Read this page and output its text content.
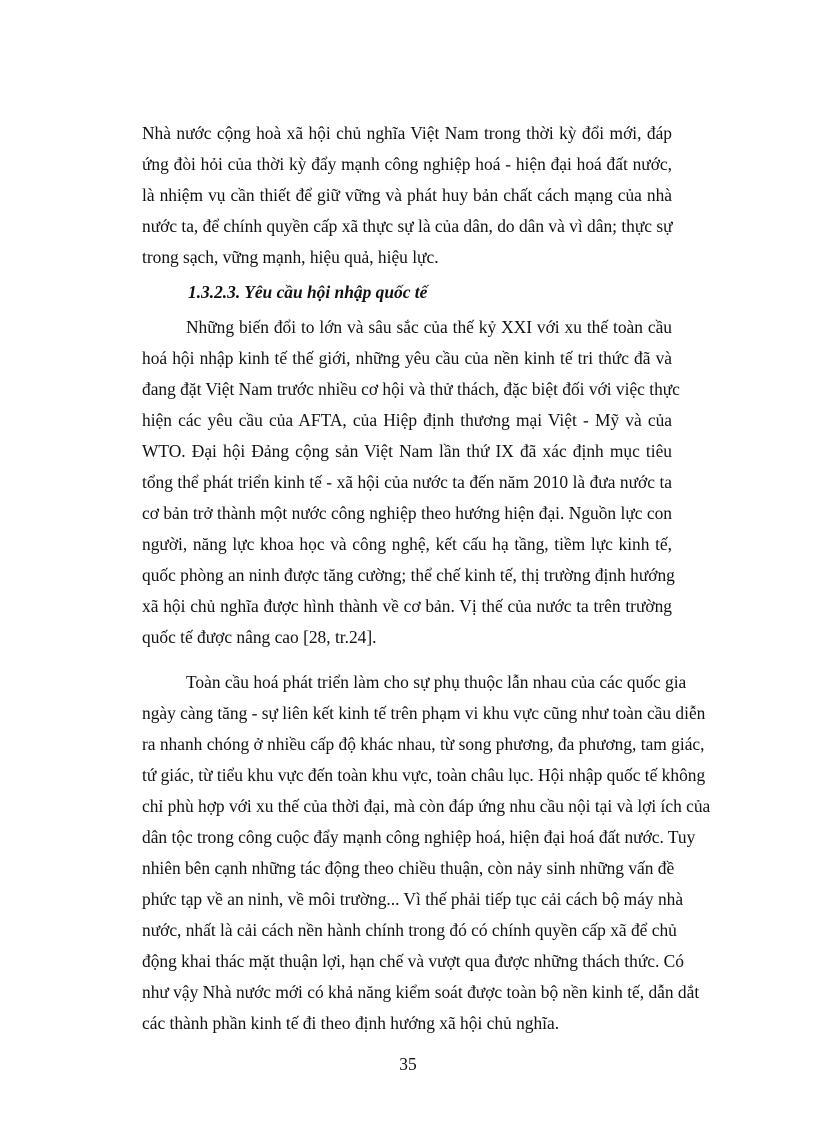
Nhà nước cộng hoà xã hội chủ nghĩa Việt Nam trong thời kỳ đổi mới, đáp
ứng đòi hỏi của thời kỳ đẩy mạnh công nghiệp hoá - hiện đại hoá đất nước,
là nhiệm vụ cần thiết để giữ vững và phát huy bản chất cách mạng của nhà
nước ta, để chính quyền cấp xã thực sự là của dân, do dân và vì dân; thực sự
trong sạch, vững mạnh, hiệu quả, hiệu lực.
1.3.2.3. Yêu cầu hội nhập quốc tế
Những biến đổi to lớn và sâu sắc của thế kỷ XXI với xu thế toàn cầu
hoá hội nhập kinh tế thế giới, những yêu cầu của nền kinh tế tri thức đã và
đang đặt Việt Nam trước nhiều cơ hội và thử thách, đặc biệt đối với việc thực
hiện các yêu cầu của AFTA, của Hiệp định thương mại Việt - Mỹ và của
WTO. Đại hội Đảng cộng sản Việt Nam lần thứ IX đã xác định mục tiêu
tổng thể phát triển kinh tế - xã hội của nước ta đến năm 2010 là đưa nước ta
cơ bản trở thành một nước công nghiệp theo hướng hiện đại. Nguồn lực con
người, năng lực khoa học và công nghệ, kết cấu hạ tầng, tiềm lực kinh tế,
quốc phòng an ninh được tăng cường; thể chế kinh tế, thị trường định hướng
xã hội chủ nghĩa được hình thành về cơ bản. Vị thế của nước ta trên trường
quốc tế được nâng cao [28, tr.24].
Toàn cầu hoá phát triển làm cho sự phụ thuộc lẫn nhau của các quốc gia
ngày càng tăng - sự liên kết kinh tế trên phạm vi khu vực cũng như toàn cầu diễn
ra nhanh chóng ở nhiều cấp độ khác nhau, từ song phương, đa phương, tam giác,
tứ giác, từ tiểu khu vực đến toàn khu vực, toàn châu lục. Hội nhập quốc tế không
chỉ phù hợp với xu thế của thời đại, mà còn đáp ứng nhu cầu nội tại và lợi ích của
dân tộc trong công cuộc đẩy mạnh công nghiệp hoá, hiện đại hoá đất nước. Tuy
nhiên bên cạnh những tác động theo chiều thuận, còn nảy sinh những vấn đề
phức tạp về an ninh, về môi trường... Vì thế phải tiếp tục cải cách bộ máy nhà
nước, nhất là cải cách nền hành chính trong đó có chính quyền cấp xã để chủ
động khai thác mặt thuận lợi, hạn chế và vượt qua được những thách thức. Có
như vậy Nhà nước mới có khả năng kiểm soát được toàn bộ nền kinh tế, dẫn dắt
các thành phần kinh tế đi theo định hướng xã hội chủ nghĩa.
35
